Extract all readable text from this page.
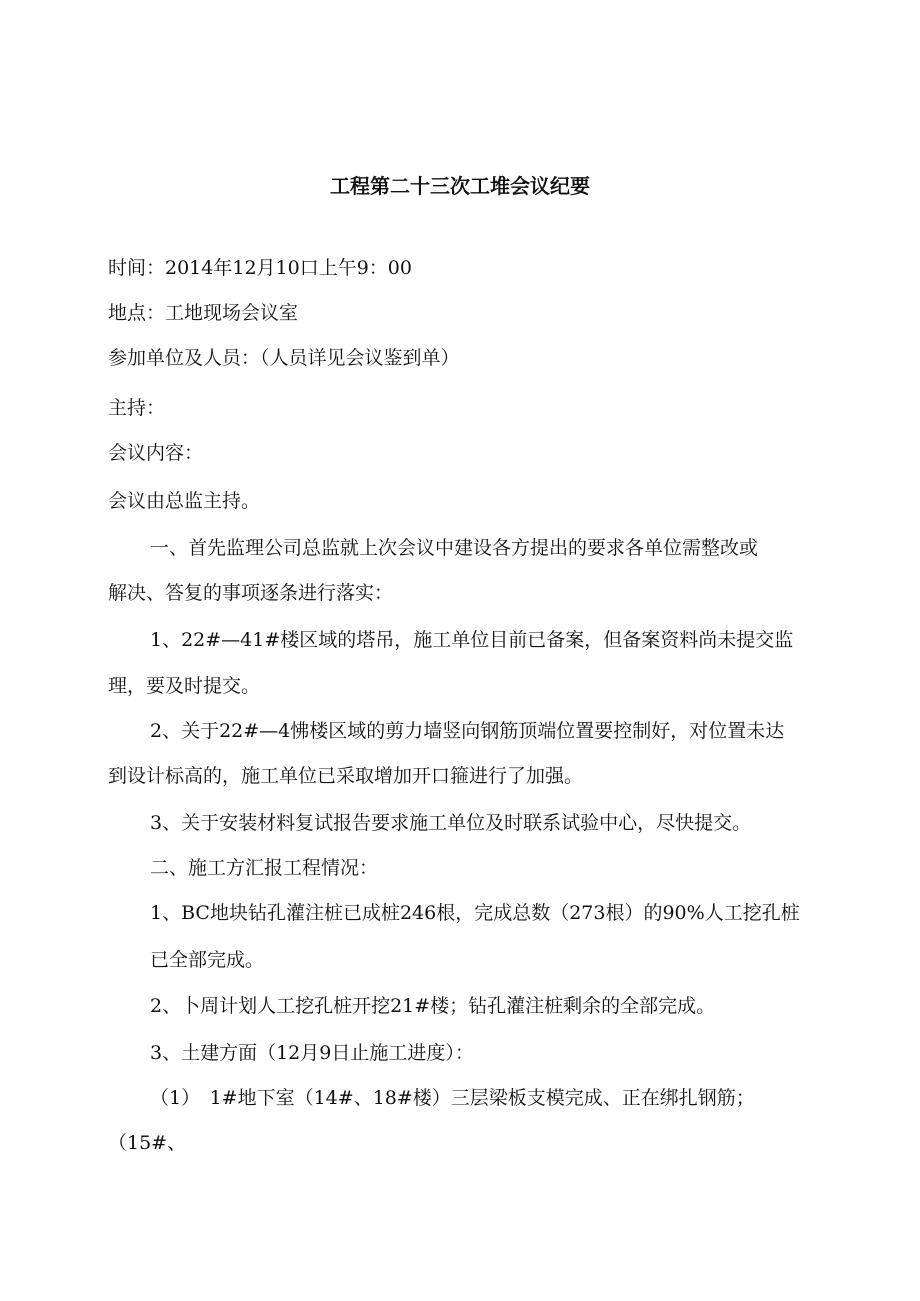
工程第二十三次工堆会议纪要
时间：2014年12月10口上午9：00
地点：工地现场会议室
参加单位及人员：（人员详见会议鉴到单）
主持：
会议内容：
会议由总监主持。
一、首先监理公司总监就上次会议中建设各方提出的要求各单位需整改或
解决、答复的事项逐条进行落实：
1、22#—41#楼区域的塔吊，施工单位目前已备案，但备案资料尚未提交监
理，要及时提交。
2、关于22#—4怫楼区域的剪力墙竖向钢筋顶端位置要控制好，对位置未达
到设计标高的，施工单位已采取增加开口箍进行了加强。
3、关于安装材料复试报告要求施工单位及时联系试验中心，尽快提交。
二、施工方汇报工程情况：
1、BC地块钻孔灌注桩已成桩246根，完成总数（273根）的90%人工挖孔桩
已全部完成。
2、卜周计划人工挖孔桩开挖21#楼；钻孔灌注桩剩余的全部完成。
3、土建方面（12月9日止施工进度）：
（1）　1#地下室（14#、18#楼）三层梁板支模完成、正在绑扎钢筋；
（15#、
